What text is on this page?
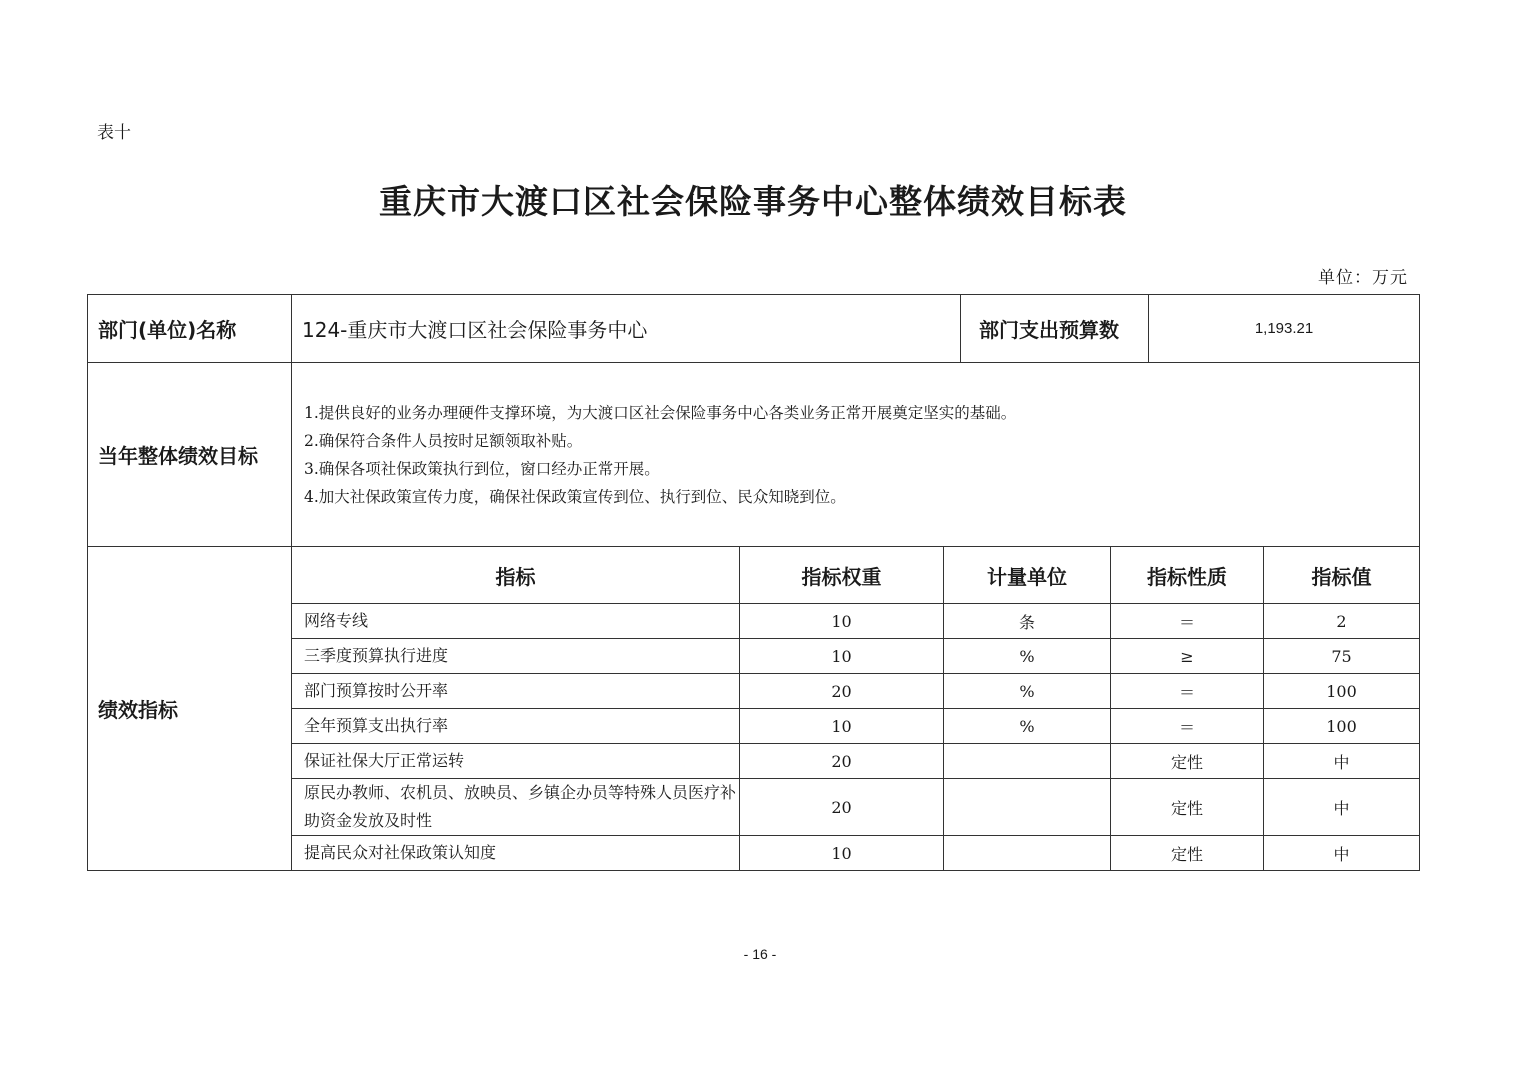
表十
重庆市大渡口区社会保险事务中心整体绩效目标表
单位：万元
部门(单位)名称	124-重庆市大渡口区社会保险事务中心			部门支出预算数		1,193.21	
当年整体绩效目标	1.提供良好的业务办理硬件支撑环境，为大渡口区社会保险事务中心各类业务正常开展奠定坚实的基础。
2.确保符合条件人员按时足额领取补贴。
3.确保各项社保政策执行到位，窗口经办正常开展。
4.加大社保政策宣传力度，确保社保政策宣传到位、执行到位、民众知晓到位。						

绩效指标	指标	指标权重	计量单位		指标性质		指标值
	网络专线	10	条		＝		2
	三季度预算执行进度	10	%		≥		75
	部门预算按时公开率	20	%		＝		100
	全年预算支出执行率	10	%		＝		100
	保证社保大厅正常运转	20			定性		中
	原民办教师、农机员、放映员、乡镇企办员等特殊人员医疗补助资金发放及时性	20			定性		中
	提高民众对社保政策认知度	10			定性		中
- 16 -
